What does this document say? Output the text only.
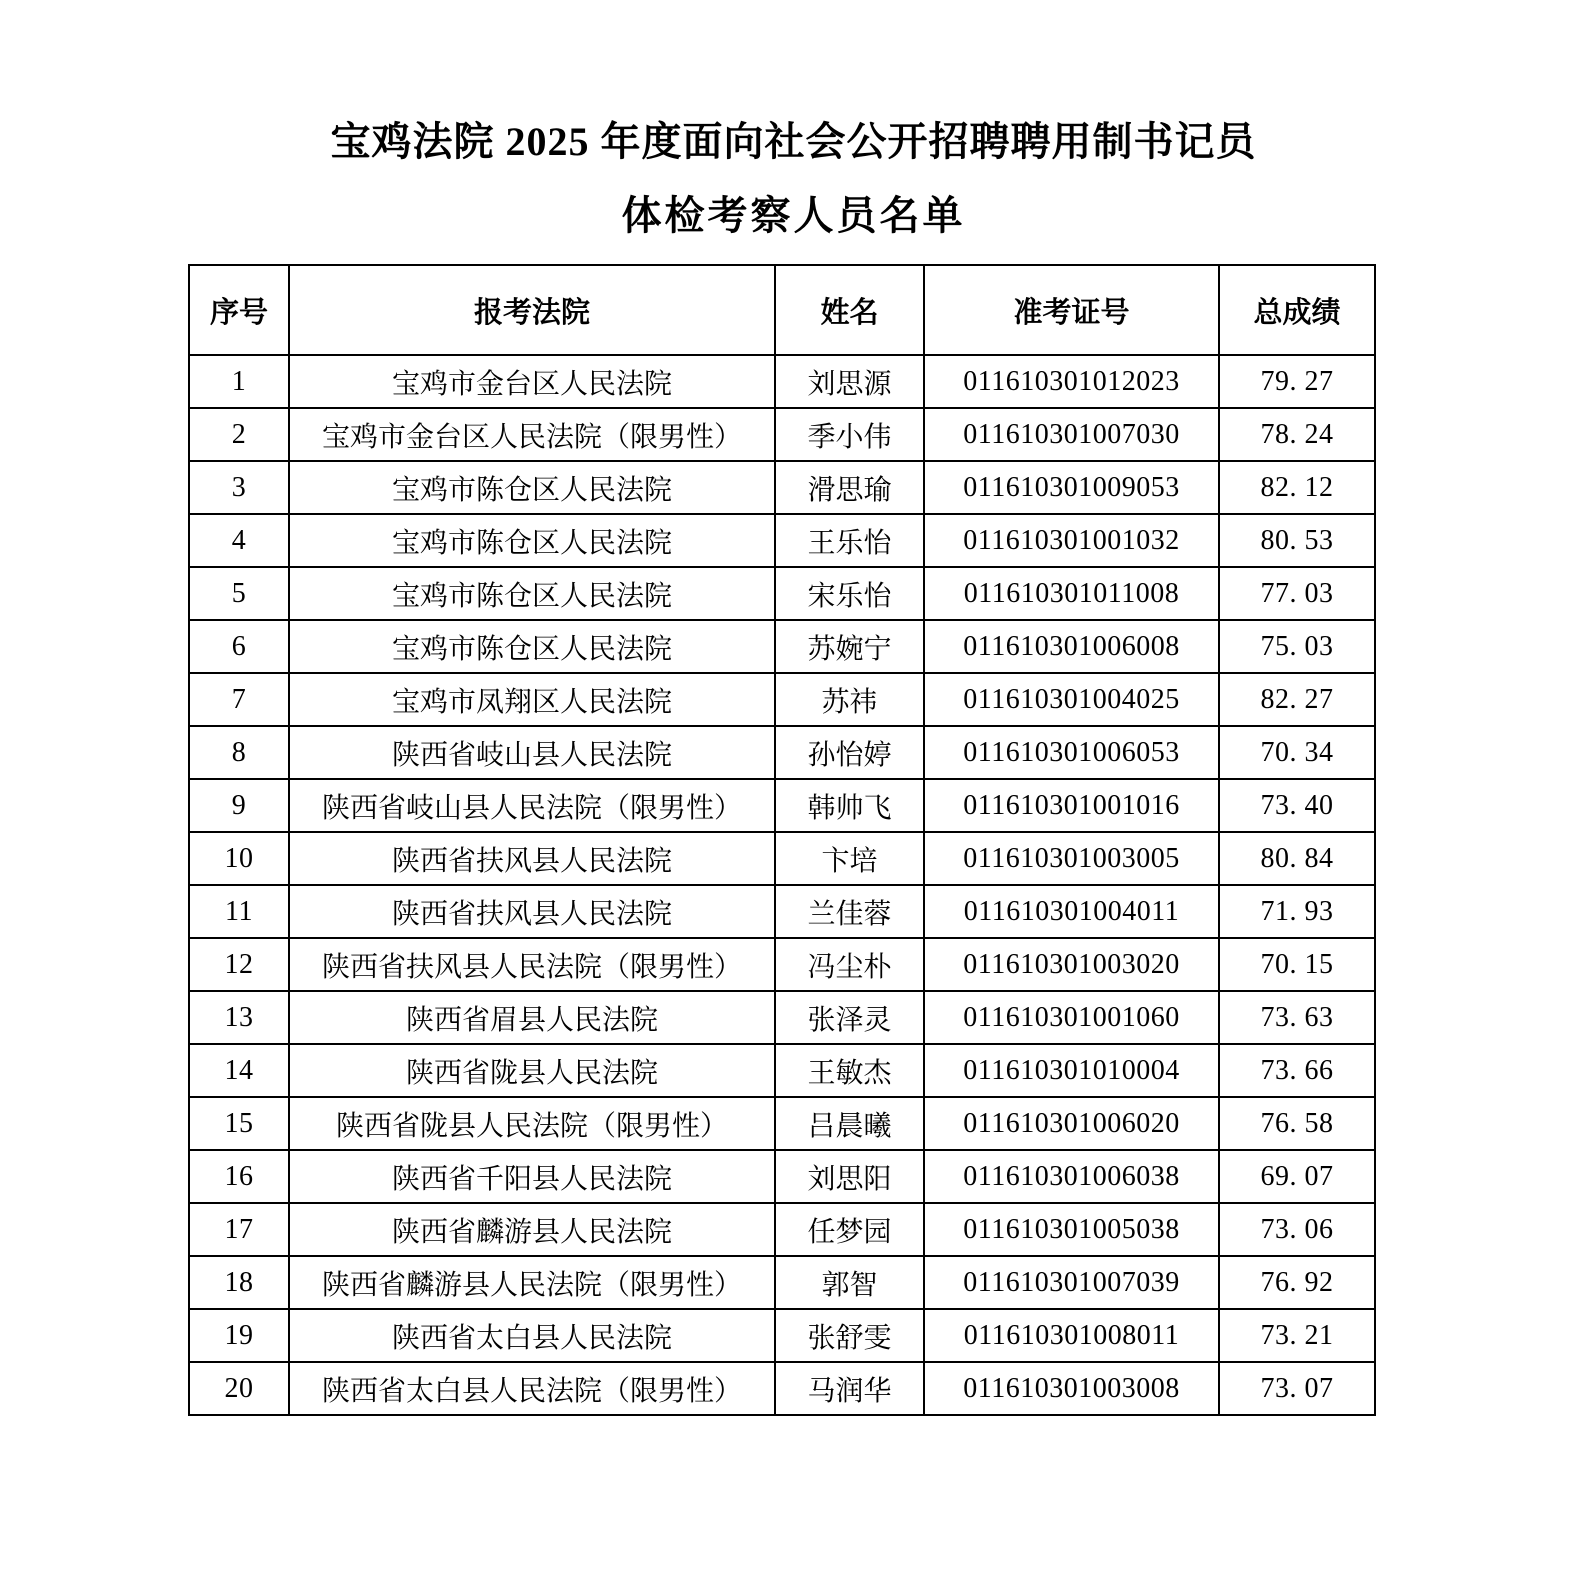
宝鸡法院 2025 年度面向社会公开招聘聘用制书记员
体检考察人员名单
序号	报考法院	姓名	准考证号	总成绩
1	宝鸡市金台区人民法院	刘思源	011610301012023	79. 27
2	宝鸡市金台区人民法院（限男性）	季小伟	011610301007030	78. 24
3	宝鸡市陈仓区人民法院	滑思瑜	011610301009053	82. 12
4	宝鸡市陈仓区人民法院	王乐怡	011610301001032	80. 53
5	宝鸡市陈仓区人民法院	宋乐怡	011610301011008	77. 03
6	宝鸡市陈仓区人民法院	苏婉宁	011610301006008	75. 03
7	宝鸡市凤翔区人民法院	苏祎	011610301004025	82. 27
8	陕西省岐山县人民法院	孙怡婷	011610301006053	70. 34
9	陕西省岐山县人民法院（限男性）	韩帅飞	011610301001016	73. 40
10	陕西省扶风县人民法院	卞培	011610301003005	80. 84
11	陕西省扶风县人民法院	兰佳蓉	011610301004011	71. 93
12	陕西省扶风县人民法院（限男性）	冯尘朴	011610301003020	70. 15
13	陕西省眉县人民法院	张泽灵	011610301001060	73. 63
14	陕西省陇县人民法院	王敏杰	011610301010004	73. 66
15	陕西省陇县人民法院（限男性）	吕晨曦	011610301006020	76. 58
16	陕西省千阳县人民法院	刘思阳	011610301006038	69. 07
17	陕西省麟游县人民法院	任梦园	011610301005038	73. 06
18	陕西省麟游县人民法院（限男性）	郭智	011610301007039	76. 92
19	陕西省太白县人民法院	张舒雯	011610301008011	73. 21
20	陕西省太白县人民法院（限男性）	马润华	011610301003008	73. 07
